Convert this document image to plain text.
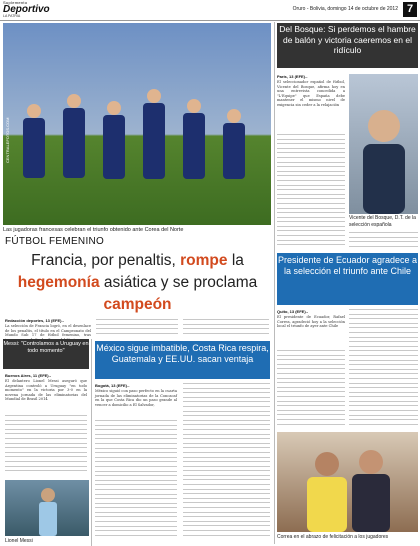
Suplemento
Deportivo
LA PATRIA
Oruro - Bolivia, domingo 14 de octubre de 2012 7
CENTRALEFOTOS.COM
Las jugadoras francesas celebran el triunfo obtenido ante Corea del Norte
FÚTBOL FEMENINO
Francia, por penaltis, rompe la hegemonía asiática y se proclama campeón
Redacción deportes, 13 (EFE).-
La selección de Francia logró, en el desenlace de los penaltis, el título en el Campeonato del Mundo Sub 17 de fútbol femenino, tras
Messi: "Controlamos a Uruguay en todo momento"
Buenos Aires, 11 (EFE).-
El delantero Lionel Messi aseguró que Argentina controló a Uruguay "en todo momento" en la victoria por 3-0 en la novena jornada de las eliminatorias del Mundial de Brasil 2014
Lionel Messi
México sigue imbatible, Costa Rica respira, Guatemala y EE.UU. sacan ventaja
Bogotá, 13 (EFE).-
México siguió con paso perfecto en la cuarta jornada de las eliminatorias de la Concacaf en la que Costa Rica dio un paso grande al vencer a domicilio a El Salvador,
Del Bosque: Si perdemos el hambre de balón y victoria caeremos en el ridículo
París, 13 (EFE).-
El seleccionador español de fútbol, Vicente del Bosque, afirma hoy en una entrevista concedida a "L'Equipe" que España debe mantener el mismo nivel de exigencia sin ceder a la relajación
Vicente del Bosque, D.T. de la selección española
Presidente de Ecuador agradece a la selección el triunfo ante Chile
Quito, 13 (EFE).-
El presidente de Ecuador, Rafael Correa, agradeció hoy a la selección local el triunfo de ayer ante Chile
Correa en el abrazo de felicitación a los jugadores
